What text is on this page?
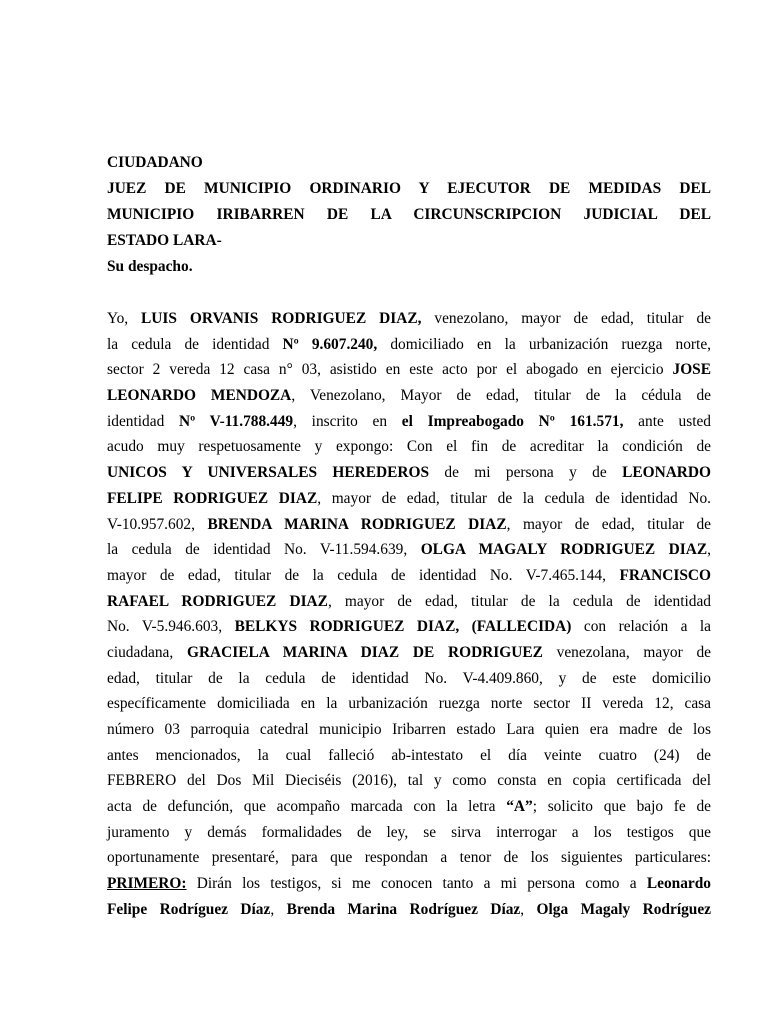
CIUDADANO
JUEZ DE MUNICIPIO ORDINARIO Y EJECUTOR DE MEDIDAS DEL
MUNICIPIO IRIBARREN DE LA CIRCUNSCRIPCION JUDICIAL DEL
ESTADO LARA-
Su despacho.
Yo, LUIS ORVANIS RODRIGUEZ DIAZ, venezolano, mayor de edad, titular de
la cedula de identidad Nº 9.607.240, domiciliado en la urbanización ruezga norte,
sector 2 vereda 12 casa n° 03, asistido en este acto por el abogado en ejercicio JOSE
LEONARDO MENDOZA, Venezolano, Mayor de edad, titular de la cédula de
identidad Nº V-11.788.449, inscrito en el Impreabogado Nº 161.571, ante usted
acudo muy respetuosamente y expongo: Con el fin de acreditar la condición de
UNICOS Y UNIVERSALES HEREDEROS de mi persona y de LEONARDO
FELIPE RODRIGUEZ DIAZ, mayor de edad, titular de la cedula de identidad No.
V-10.957.602, BRENDA MARINA RODRIGUEZ DIAZ, mayor de edad, titular de
la cedula de identidad No. V-11.594.639, OLGA MAGALY RODRIGUEZ DIAZ,
mayor de edad, titular de la cedula de identidad No. V-7.465.144, FRANCISCO
RAFAEL RODRIGUEZ DIAZ, mayor de edad, titular de la cedula de identidad
No. V-5.946.603, BELKYS RODRIGUEZ DIAZ, (FALLECIDA) con relación a la
ciudadana, GRACIELA MARINA DIAZ DE RODRIGUEZ venezolana, mayor de
edad, titular de la cedula de identidad No. V-4.409.860, y de este domicilio
específicamente domiciliada en la urbanización ruezga norte sector II vereda 12, casa
número 03 parroquia catedral municipio Iribarren estado Lara quien era madre de los
antes mencionados, la cual falleció ab-intestato el día veinte cuatro (24) de
FEBRERO del Dos Mil Dieciséis (2016), tal y como consta en copia certificada del
acta de defunción, que acompaño marcada con la letra “A”; solicito que bajo fe de
juramento y demás formalidades de ley, se sirva interrogar a los testigos que
oportunamente presentaré, para que respondan a tenor de los siguientes particulares:
PRIMERO: Dirán los testigos, si me conocen tanto a mi persona como a Leonardo
Felipe Rodríguez Díaz, Brenda Marina Rodríguez Díaz, Olga Magaly Rodríguez
